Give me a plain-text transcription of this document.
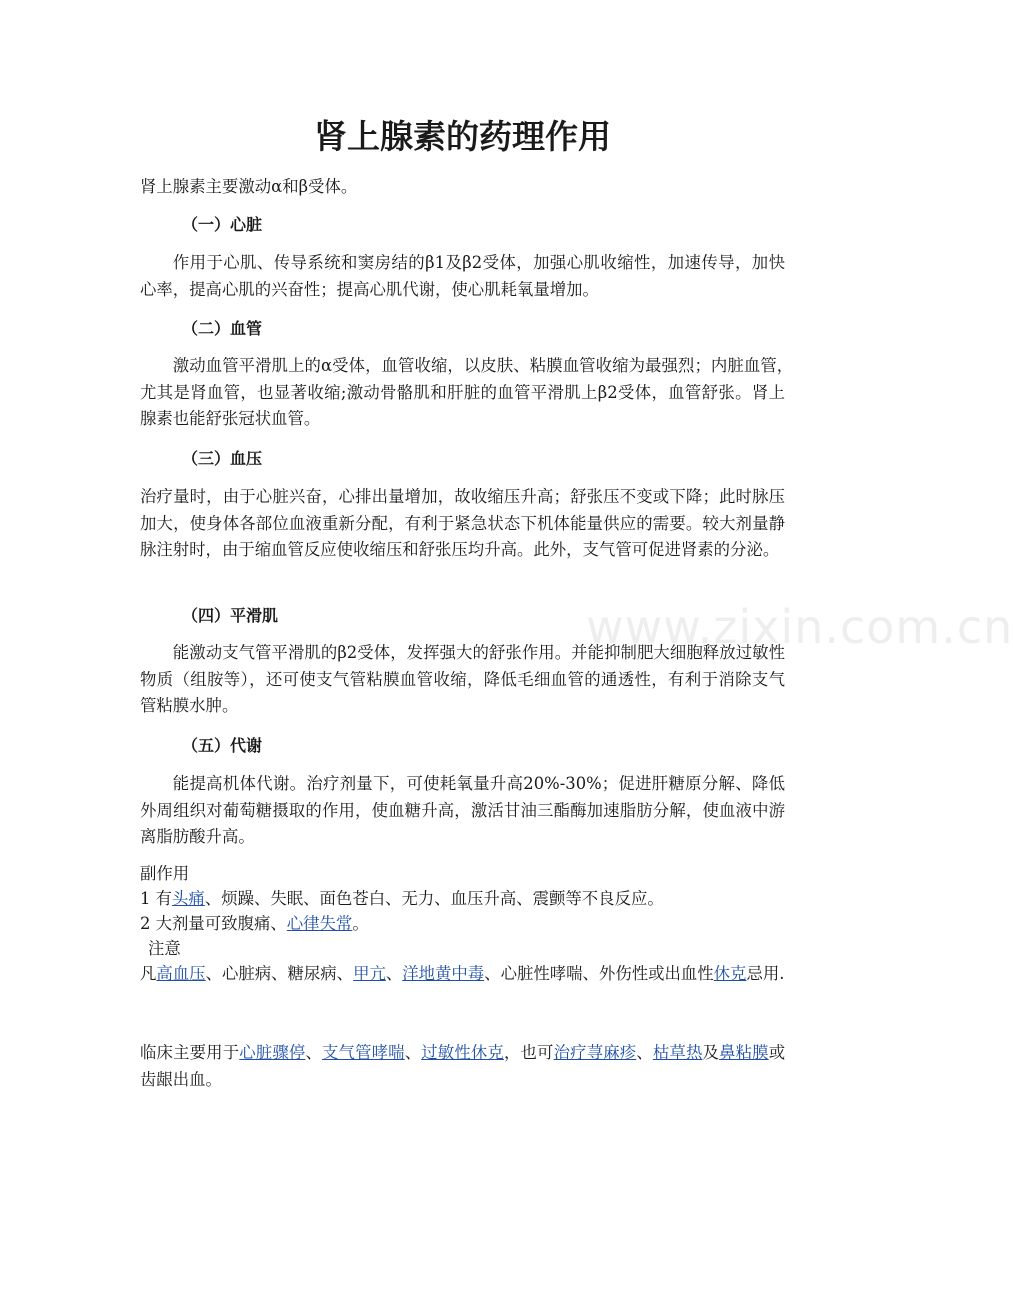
肾上腺素的药理作用

肾上腺素主要激动α和β受体。

（一）心脏

作用于心肌、传导系统和窦房结的β1及β2受体，加强心肌收缩性，加速传导，加快心率，提高心肌的兴奋性；提高心肌代谢，使心肌耗氧量增加。

（二）血管

激动血管平滑肌上的α受体，血管收缩，以皮肤、粘膜血管收缩为最强烈；内脏血管，　尤其是肾血管，也显著收缩;激动骨骼肌和肝脏的血管平滑肌上β2受体，血管舒张。肾上腺素也能舒张冠状血管。

（三）血压

治疗量时，由于心脏兴奋，心排出量增加，故收缩压升高；舒张压不变或下降；此时脉压加大，使身体各部位血液重新分配，有利于紧急状态下机体能量供应的需要。较大剂量静脉注射时，由于缩血管反应使收缩压和舒张压均升高。此外，支气管可促进肾素的分泌。

（四）平滑肌

能激动支气管平滑肌的β2受体，发挥强大的舒张作用。并能抑制肥大细胞释放过敏性物质（组胺等），还可使支气管粘膜血管收缩，降低毛细血管的通透性，有利于消除支气管粘膜水肿。

（五）代谢

能提高机体代谢。治疗剂量下，可使耗氧量升高20%-30%；促进肝糖原分解、降低外周组织对葡萄糖摄取的作用，使血糖升高，激活甘油三酯酶加速脂肪分解，使血液中游离脂肪酸升高。

副作用

1 有头痛、烦躁、失眠、面色苍白、无力、血压升高、震颤等不良反应。

2 大剂量可致腹痛、心律失常。

注意

凡高血压、心脏病、糖尿病、甲亢、洋地黄中毒、心脏性哮喘、外伤性或出血性休克忌用.

临床主要用于心脏骤停、支气管哮喘、过敏性休克，也可治疗荨麻疹、枯草热及鼻粘膜或齿龈出血。

www.zixin.com.cn
